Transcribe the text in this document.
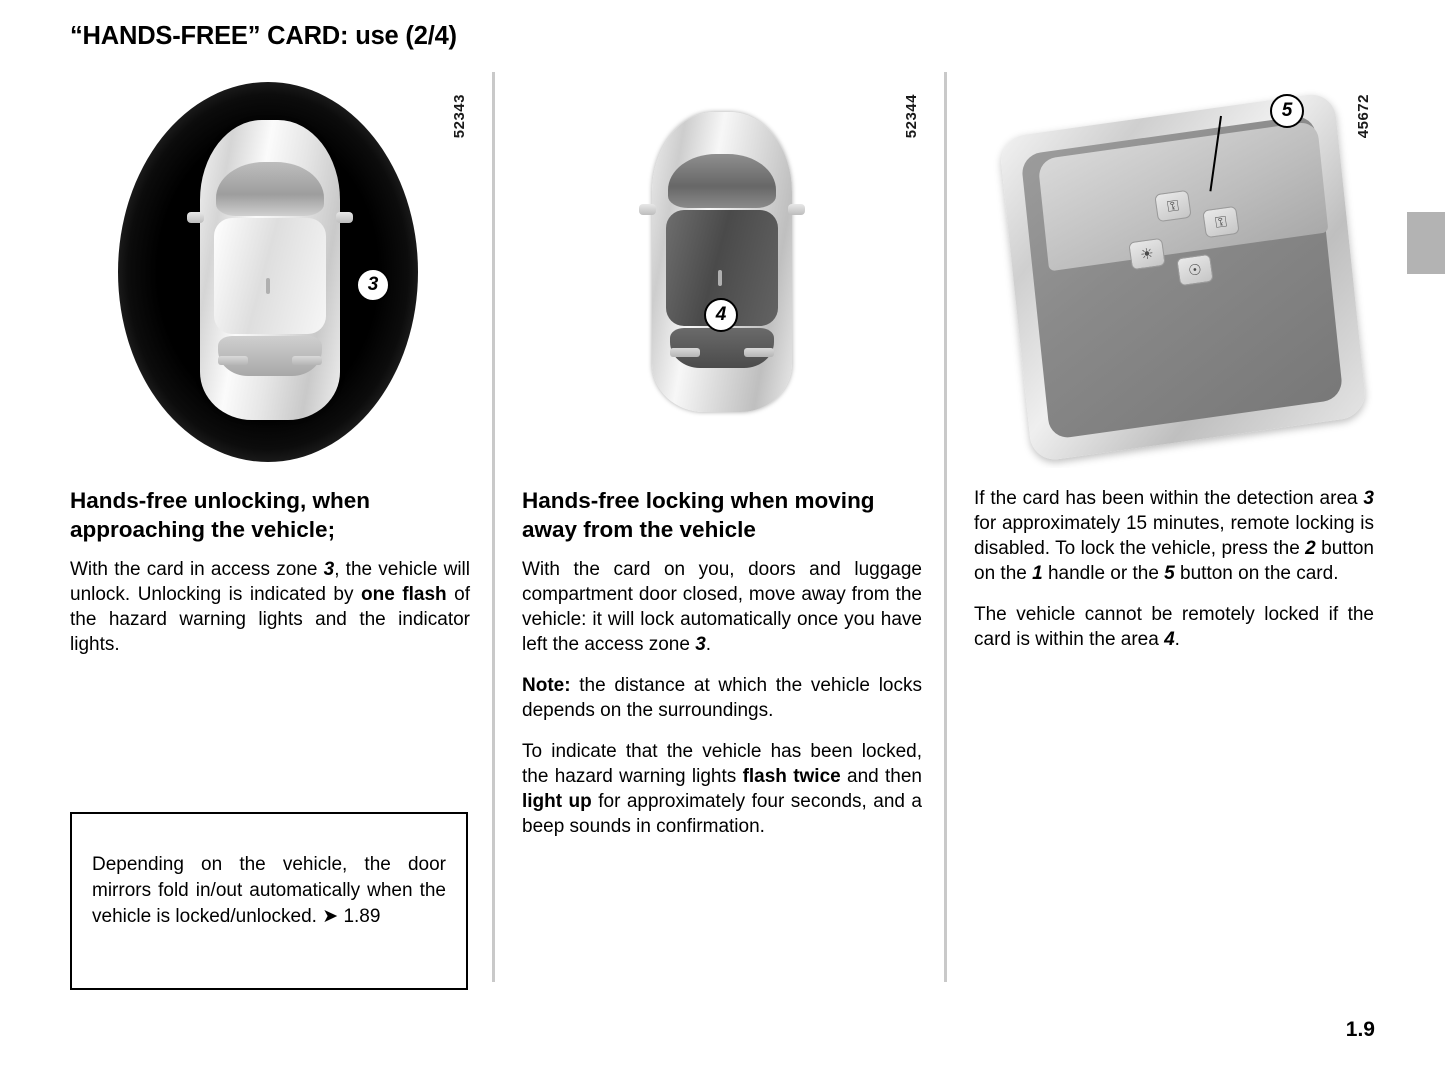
“HANDS-FREE” CARD: use (2/4)
3
52343
Hands-free unlocking, when approaching the vehicle;

With the card in access zone 3, the vehicle will unlock. Unlocking is indicated by one flash of the hazard warning lights and the indicator lights.

Depending on the vehicle, the door mirrors fold in/out automatically when the vehicle is locked/unlocked. ➤ 1.89

4
52344
Hands-free locking when moving away from the vehicle

With the card on you, doors and luggage compartment door closed, move away from the vehicle: it will lock automatically once you have left the access zone 3.

Note: the distance at which the vehicle locks depends on the surroundings.

To indicate that the vehicle has been locked, the hazard warning lights flash twice and then light up for approximately four seconds, and a beep sounds in confirmation.

⚿
⚿
☀
☉
5	45672

If the card has been within the detection area 3 for approximately 15 minutes, remote locking is disabled. To lock the vehicle, press the 2 button on the 1 handle or the 5 button on the card.

The vehicle cannot be remotely locked if the card is within the area 4.

1.9
